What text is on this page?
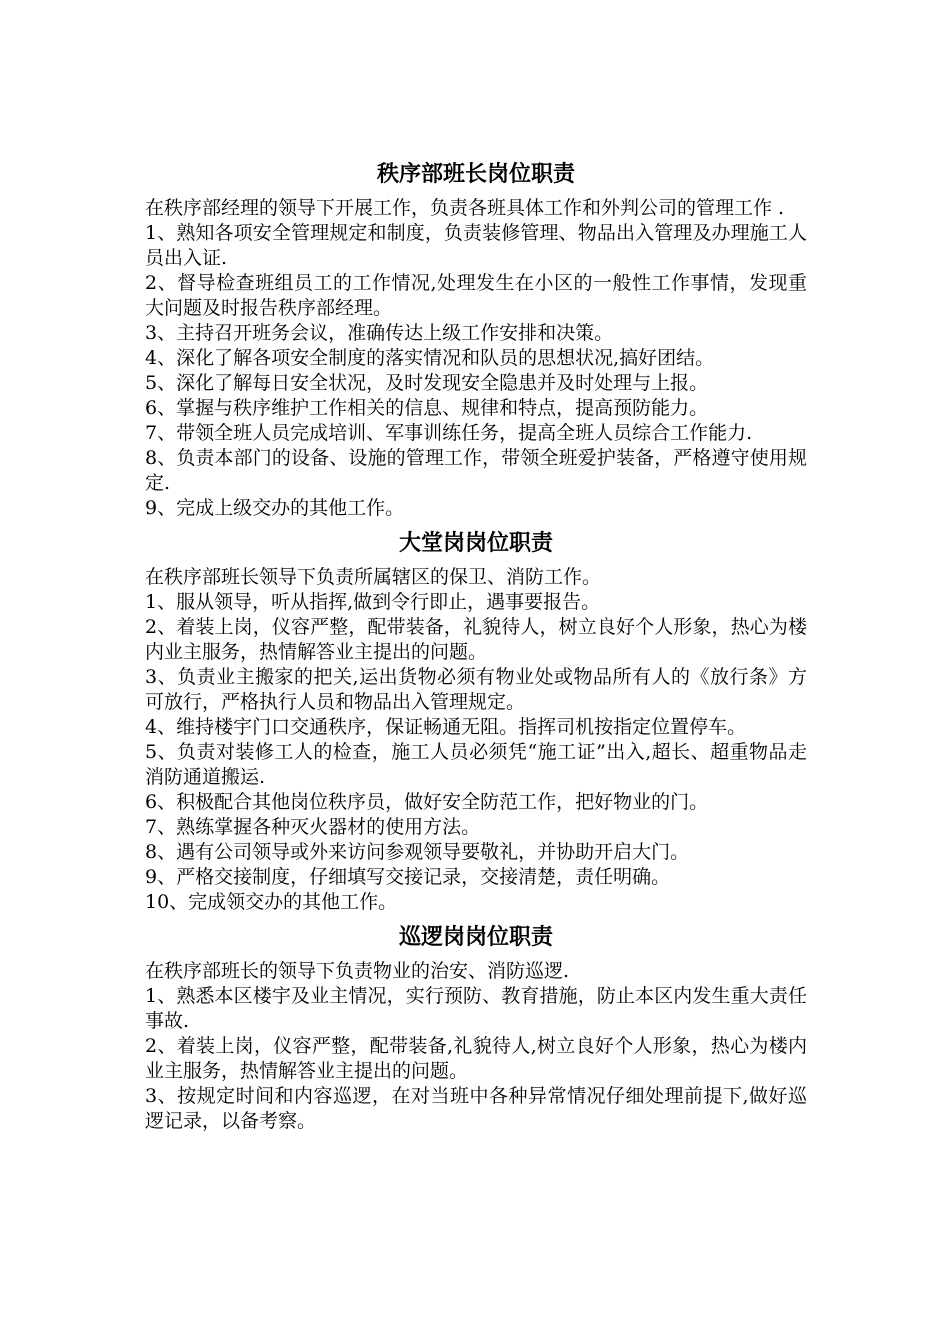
秩序部班长岗位职责

在秩序部经理的领导下开展工作，负责各班具体工作和外判公司的管理工作 .

1、熟知各项安全管理规定和制度，负责装修管理、物品出入管理及办理施工人员出入证.

2、督导检查班组员工的工作情况,处理发生在小区的一般性工作事情，发现重大问题及时报告秩序部经理。

3、主持召开班务会议，准确传达上级工作安排和决策。

4、深化了解各项安全制度的落实情况和队员的思想状况,搞好团结。

5、深化了解每日安全状况，及时发现安全隐患并及时处理与上报。

6、掌握与秩序维护工作相关的信息、规律和特点，提高预防能力。

7、带领全班人员完成培训、军事训练任务，提高全班人员综合工作能力.

8、负责本部门的设备、设施的管理工作，带领全班爱护装备，严格遵守使用规定.

9、完成上级交办的其他工作。

大堂岗岗位职责

在秩序部班长领导下负责所属辖区的保卫、消防工作。

1、服从领导，听从指挥,做到令行即止，遇事要报告。

2、着装上岗，仪容严整，配带装备，礼貌待人，树立良好个人形象，热心为楼内业主服务，热情解答业主提出的问题。

3、负责业主搬家的把关,运出货物必须有物业处或物品所有人的《放行条》方可放行，严格执行人员和物品出入管理规定。

4、维持楼宇门口交通秩序，保证畅通无阻。指挥司机按指定位置停车。

5、负责对装修工人的检查，施工人员必须凭“施工证”出入,超长、超重物品走消防通道搬运.

6、积极配合其他岗位秩序员，做好安全防范工作，把好物业的门。

7、熟练掌握各种灭火器材的使用方法。

8、遇有公司领导或外来访问参观领导要敬礼，并协助开启大门。

9、严格交接制度，仔细填写交接记录，交接清楚，责任明确。

10、完成领交办的其他工作。

巡逻岗岗位职责

在秩序部班长的领导下负责物业的治安、消防巡逻.

1、熟悉本区楼宇及业主情况，实行预防、教育措施，防止本区内发生重大责任事故.

2、着装上岗，仪容严整，配带装备,礼貌待人,树立良好个人形象，热心为楼内业主服务，热情解答业主提出的问题。

3、按规定时间和内容巡逻，在对当班中各种异常情况仔细处理前提下,做好巡逻记录，以备考察。
